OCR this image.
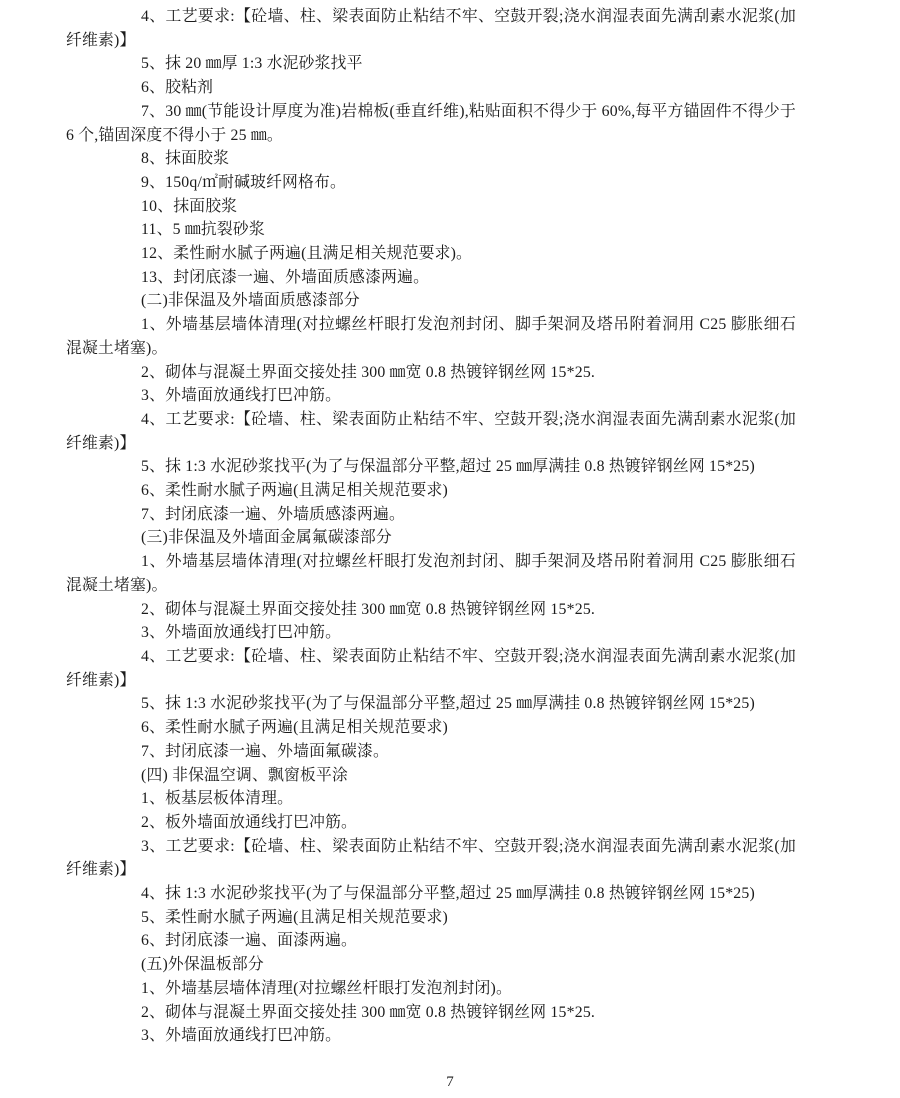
4、工艺要求:【砼墙、柱、梁表面防止粘结不牢、空鼓开裂;浇水润湿表面先满刮素水泥浆(加纤维素)】

5、抹 20 ㎜厚 1:3 水泥砂浆找平

6、胶粘剂

7、30 ㎜(节能设计厚度为准)岩棉板(垂直纤维),粘贴面积不得少于 60%,每平方锚固件不得少于 6 个,锚固深度不得小于 25 ㎜。

8、抹面胶浆

9、150q/㎡耐碱玻纤网格布。

10、抹面胶浆

11、5 ㎜抗裂砂浆

12、柔性耐水腻子两遍(且满足相关规范要求)。

13、封闭底漆一遍、外墙面质感漆两遍。

(二)非保温及外墙面质感漆部分

1、外墙基层墙体清理(对拉螺丝杆眼打发泡剂封闭、脚手架洞及塔吊附着洞用 C25 膨胀细石混凝土堵塞)。

2、砌体与混凝土界面交接处挂 300 ㎜宽 0.8 热镀锌钢丝网 15*25.

3、外墙面放通线打巴冲筋。

4、工艺要求:【砼墙、柱、梁表面防止粘结不牢、空鼓开裂;浇水润湿表面先满刮素水泥浆(加纤维素)】

5、抹 1:3 水泥砂浆找平(为了与保温部分平整,超过 25 ㎜厚满挂 0.8 热镀锌钢丝网 15*25)

6、柔性耐水腻子两遍(且满足相关规范要求)

7、封闭底漆一遍、外墙质感漆两遍。

(三)非保温及外墙面金属氟碳漆部分

1、外墙基层墙体清理(对拉螺丝杆眼打发泡剂封闭、脚手架洞及塔吊附着洞用 C25 膨胀细石混凝土堵塞)。

2、砌体与混凝土界面交接处挂 300 ㎜宽 0.8 热镀锌钢丝网 15*25.

3、外墙面放通线打巴冲筋。

4、工艺要求:【砼墙、柱、梁表面防止粘结不牢、空鼓开裂;浇水润湿表面先满刮素水泥浆(加纤维素)】

5、抹 1:3 水泥砂浆找平(为了与保温部分平整,超过 25 ㎜厚满挂 0.8 热镀锌钢丝网 15*25)

6、柔性耐水腻子两遍(且满足相关规范要求)

7、封闭底漆一遍、外墙面氟碳漆。

(四) 非保温空调、飘窗板平涂

1、板基层板体清理。

2、板外墙面放通线打巴冲筋。

3、工艺要求:【砼墙、柱、梁表面防止粘结不牢、空鼓开裂;浇水润湿表面先满刮素水泥浆(加纤维素)】

4、抹 1:3 水泥砂浆找平(为了与保温部分平整,超过 25 ㎜厚满挂 0.8 热镀锌钢丝网 15*25)

5、柔性耐水腻子两遍(且满足相关规范要求)

6、封闭底漆一遍、面漆两遍。

(五)外保温板部分

1、外墙基层墙体清理(对拉螺丝杆眼打发泡剂封闭)。

2、砌体与混凝土界面交接处挂 300 ㎜宽 0.8 热镀锌钢丝网 15*25.

3、外墙面放通线打巴冲筋。

7
